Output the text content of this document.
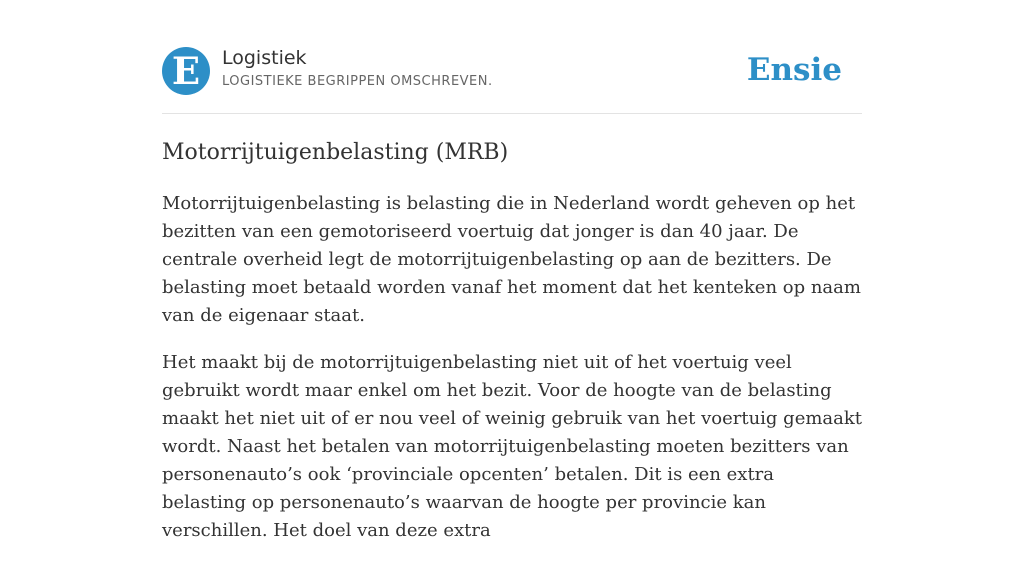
E	Logistiek
LOGISTIEKE BEGRIPPEN OMSCHREVEN.	Ensie
Motorrijtuigenbelasting (MRB)

Motorrijtuigenbelasting is belasting die in Nederland wordt geheven op het bezitten van een gemotoriseerd voertuig dat jonger is dan 40 jaar. De centrale overheid legt de motorrijtuigenbelasting op aan de bezitters. De belasting moet betaald worden vanaf het moment dat het kenteken op naam van de eigenaar staat.

Het maakt bij de motorrijtuigenbelasting niet uit of het voertuig veel gebruikt wordt maar enkel om het bezit. Voor de hoogte van de belasting maakt het niet uit of er nou veel of weinig gebruik van het voertuig gemaakt wordt. Naast het betalen van motorrijtuigenbelasting moeten bezitters van personenauto’s ook ‘provinciale opcenten’ betalen. Dit is een extra belasting op personenauto’s waarvan de hoogte per provincie kan verschillen. Het doel van deze extra
